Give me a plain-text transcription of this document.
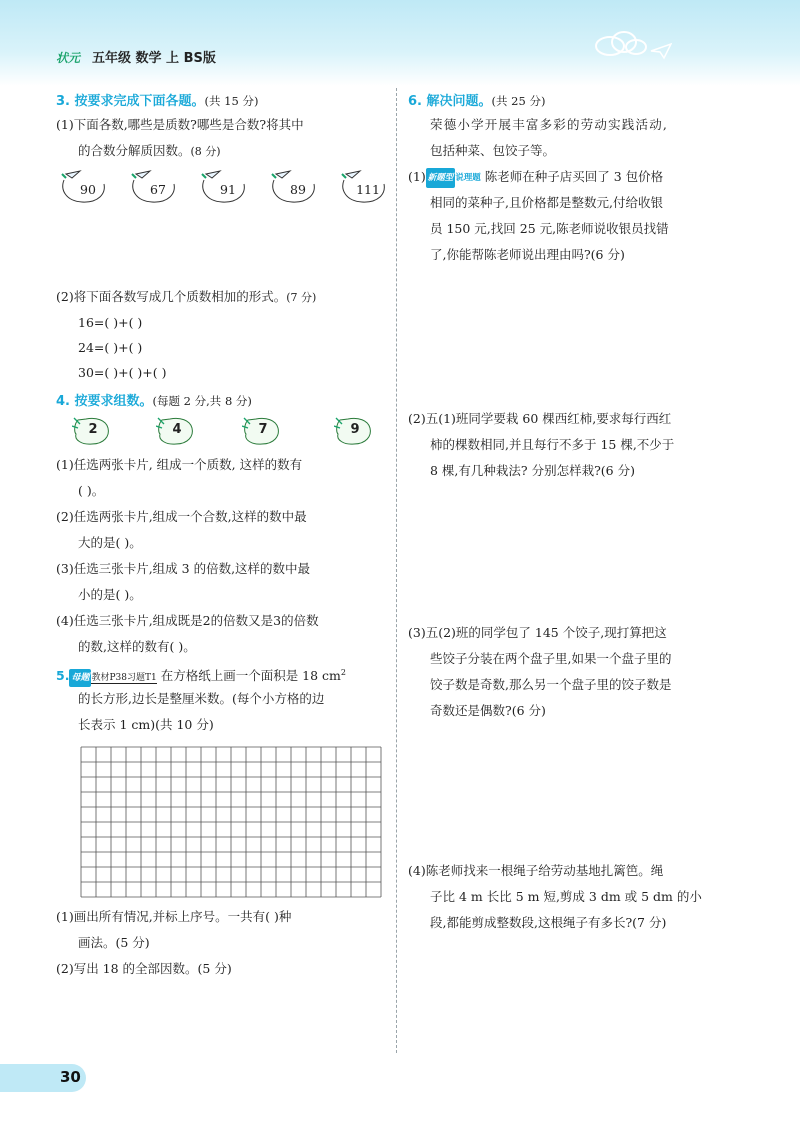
状元 五年级 数学 上 BS版
3. 按要求完成下面各题。(共 15 分)
(1)下面各数,哪些是质数?哪些是合数?将其中
的合数分解质因数。(8 分)
90	67	91	89	111
(2)将下面各数写成几个质数相加的形式。(7 分)
16=( )+( )
24=( )+( )
30=( )+( )+( )
4. 按要求组数。(每题 2 分,共 8 分)
2	4	7	9
(1)任选两张卡片, 组成一个质数, 这样的数有
( )。
(2)任选两张卡片,组成一个合数,这样的数中最
大的是( )。
(3)任选三张卡片,组成 3 的倍数,这样的数中最
小的是( )。
(4)任选三张卡片,组成既是2的倍数又是3的倍数
的数,这样的数有( )。
5. 母题 教材P38习题T1 在方格纸上画一个面积是 18 $cm^2$
的长方形,边长是整厘米数。(每个小方格的边
长表示 1 cm)(共 10 分)
(1)画出所有情况,并标上序号。一共有( )种
画法。(5 分)
(2)写出 18 的全部因数。(5 分)
6. 解决问题。(共 25 分)
荣德小学开展丰富多彩的劳动实践活动,
包括种菜、包饺子等。
(1) 新题型 说理题 陈老师在种子店买回了 3 包价格
相同的菜种子,且价格都是整数元,付给收银
员 150 元,找回 25 元,陈老师说收银员找错
了,你能帮陈老师说出理由吗?(6 分)
(2)五(1)班同学要栽 60 棵西红柿,要求每行西红
柿的棵数相同,并且每行不多于 15 棵,不少于
8 棵,有几种栽法? 分别怎样栽?(6 分)
(3)五(2)班的同学包了 145 个饺子,现打算把这
些饺子分装在两个盘子里,如果一个盘子里的
饺子数是奇数,那么另一个盘子里的饺子数是
奇数还是偶数?(6 分)
(4)陈老师找来一根绳子给劳动基地扎篱笆。绳
子比 4 m 长比 5 m 短,剪成 3 dm 或 5 dm 的小
段,都能剪成整数段,这根绳子有多长?(7 分)
30
